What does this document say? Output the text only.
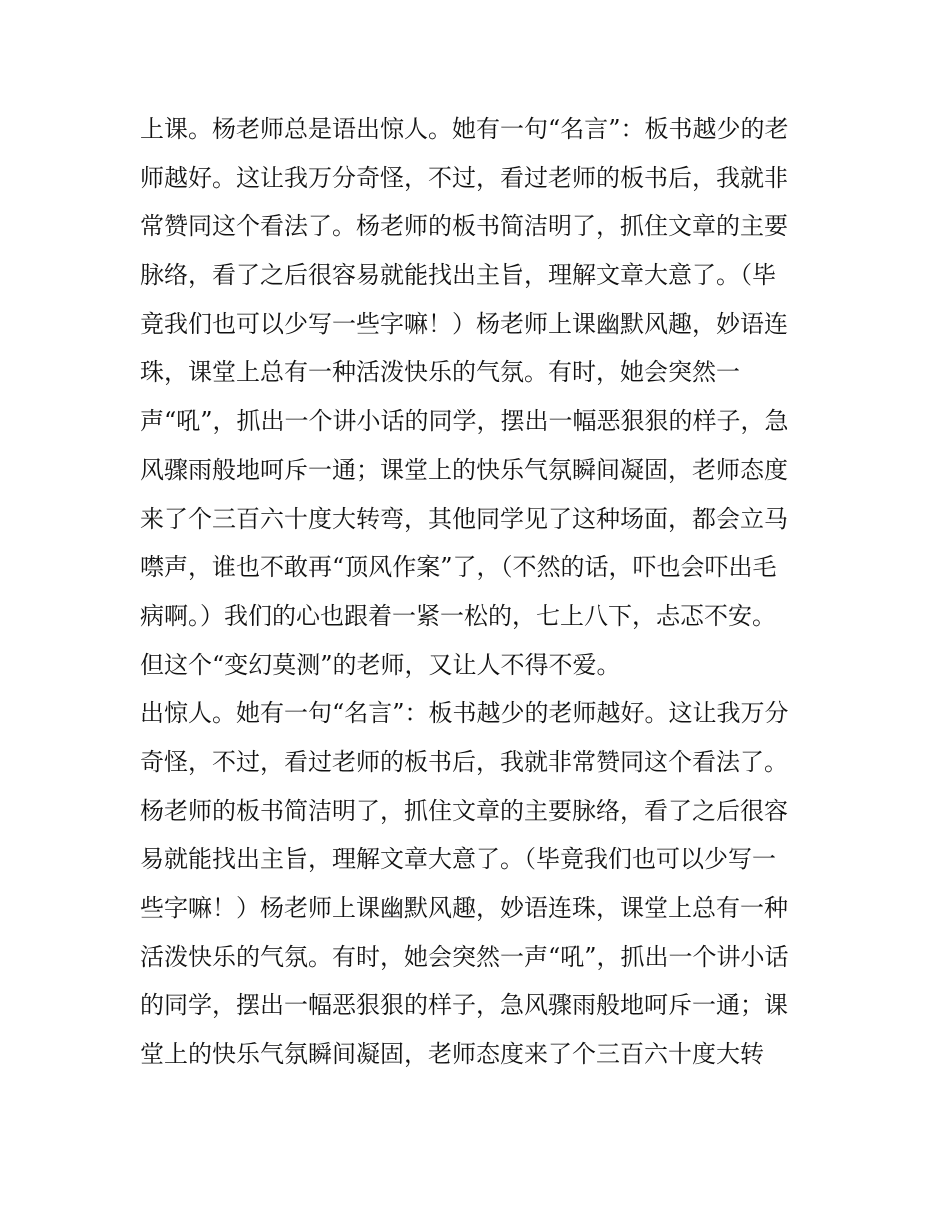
上课。杨老师总是语出惊人。她有一句“名言”：板书越少的老
师越好。这让我万分奇怪，不过，看过老师的板书后，我就非
常赞同这个看法了。杨老师的板书简洁明了，抓住文章的主要
脉络，看了之后很容易就能找出主旨，理解文章大意了。（毕
竟我们也可以少写一些字嘛！）杨老师上课幽默风趣，妙语连
珠，课堂上总有一种活泼快乐的气氛。有时，她会突然一
声“吼”，抓出一个讲小话的同学，摆出一幅恶狠狠的样子，急
风骤雨般地呵斥一通；课堂上的快乐气氛瞬间凝固，老师态度
来了个三百六十度大转弯，其他同学见了这种场面，都会立马
噤声，谁也不敢再“顶风作案”了，（不然的话，吓也会吓出毛
病啊。）我们的心也跟着一紧一松的，七上八下，忐忑不安。
但这个“变幻莫测”的老师，又让人不得不爱。
出惊人。她有一句“名言”：板书越少的老师越好。这让我万分
奇怪，不过，看过老师的板书后，我就非常赞同这个看法了。
杨老师的板书简洁明了，抓住文章的主要脉络，看了之后很容
易就能找出主旨，理解文章大意了。（毕竟我们也可以少写一
些字嘛！）杨老师上课幽默风趣，妙语连珠，课堂上总有一种
活泼快乐的气氛。有时，她会突然一声“吼”，抓出一个讲小话
的同学，摆出一幅恶狠狠的样子，急风骤雨般地呵斥一通；课
堂上的快乐气氛瞬间凝固，老师态度来了个三百六十度大转
